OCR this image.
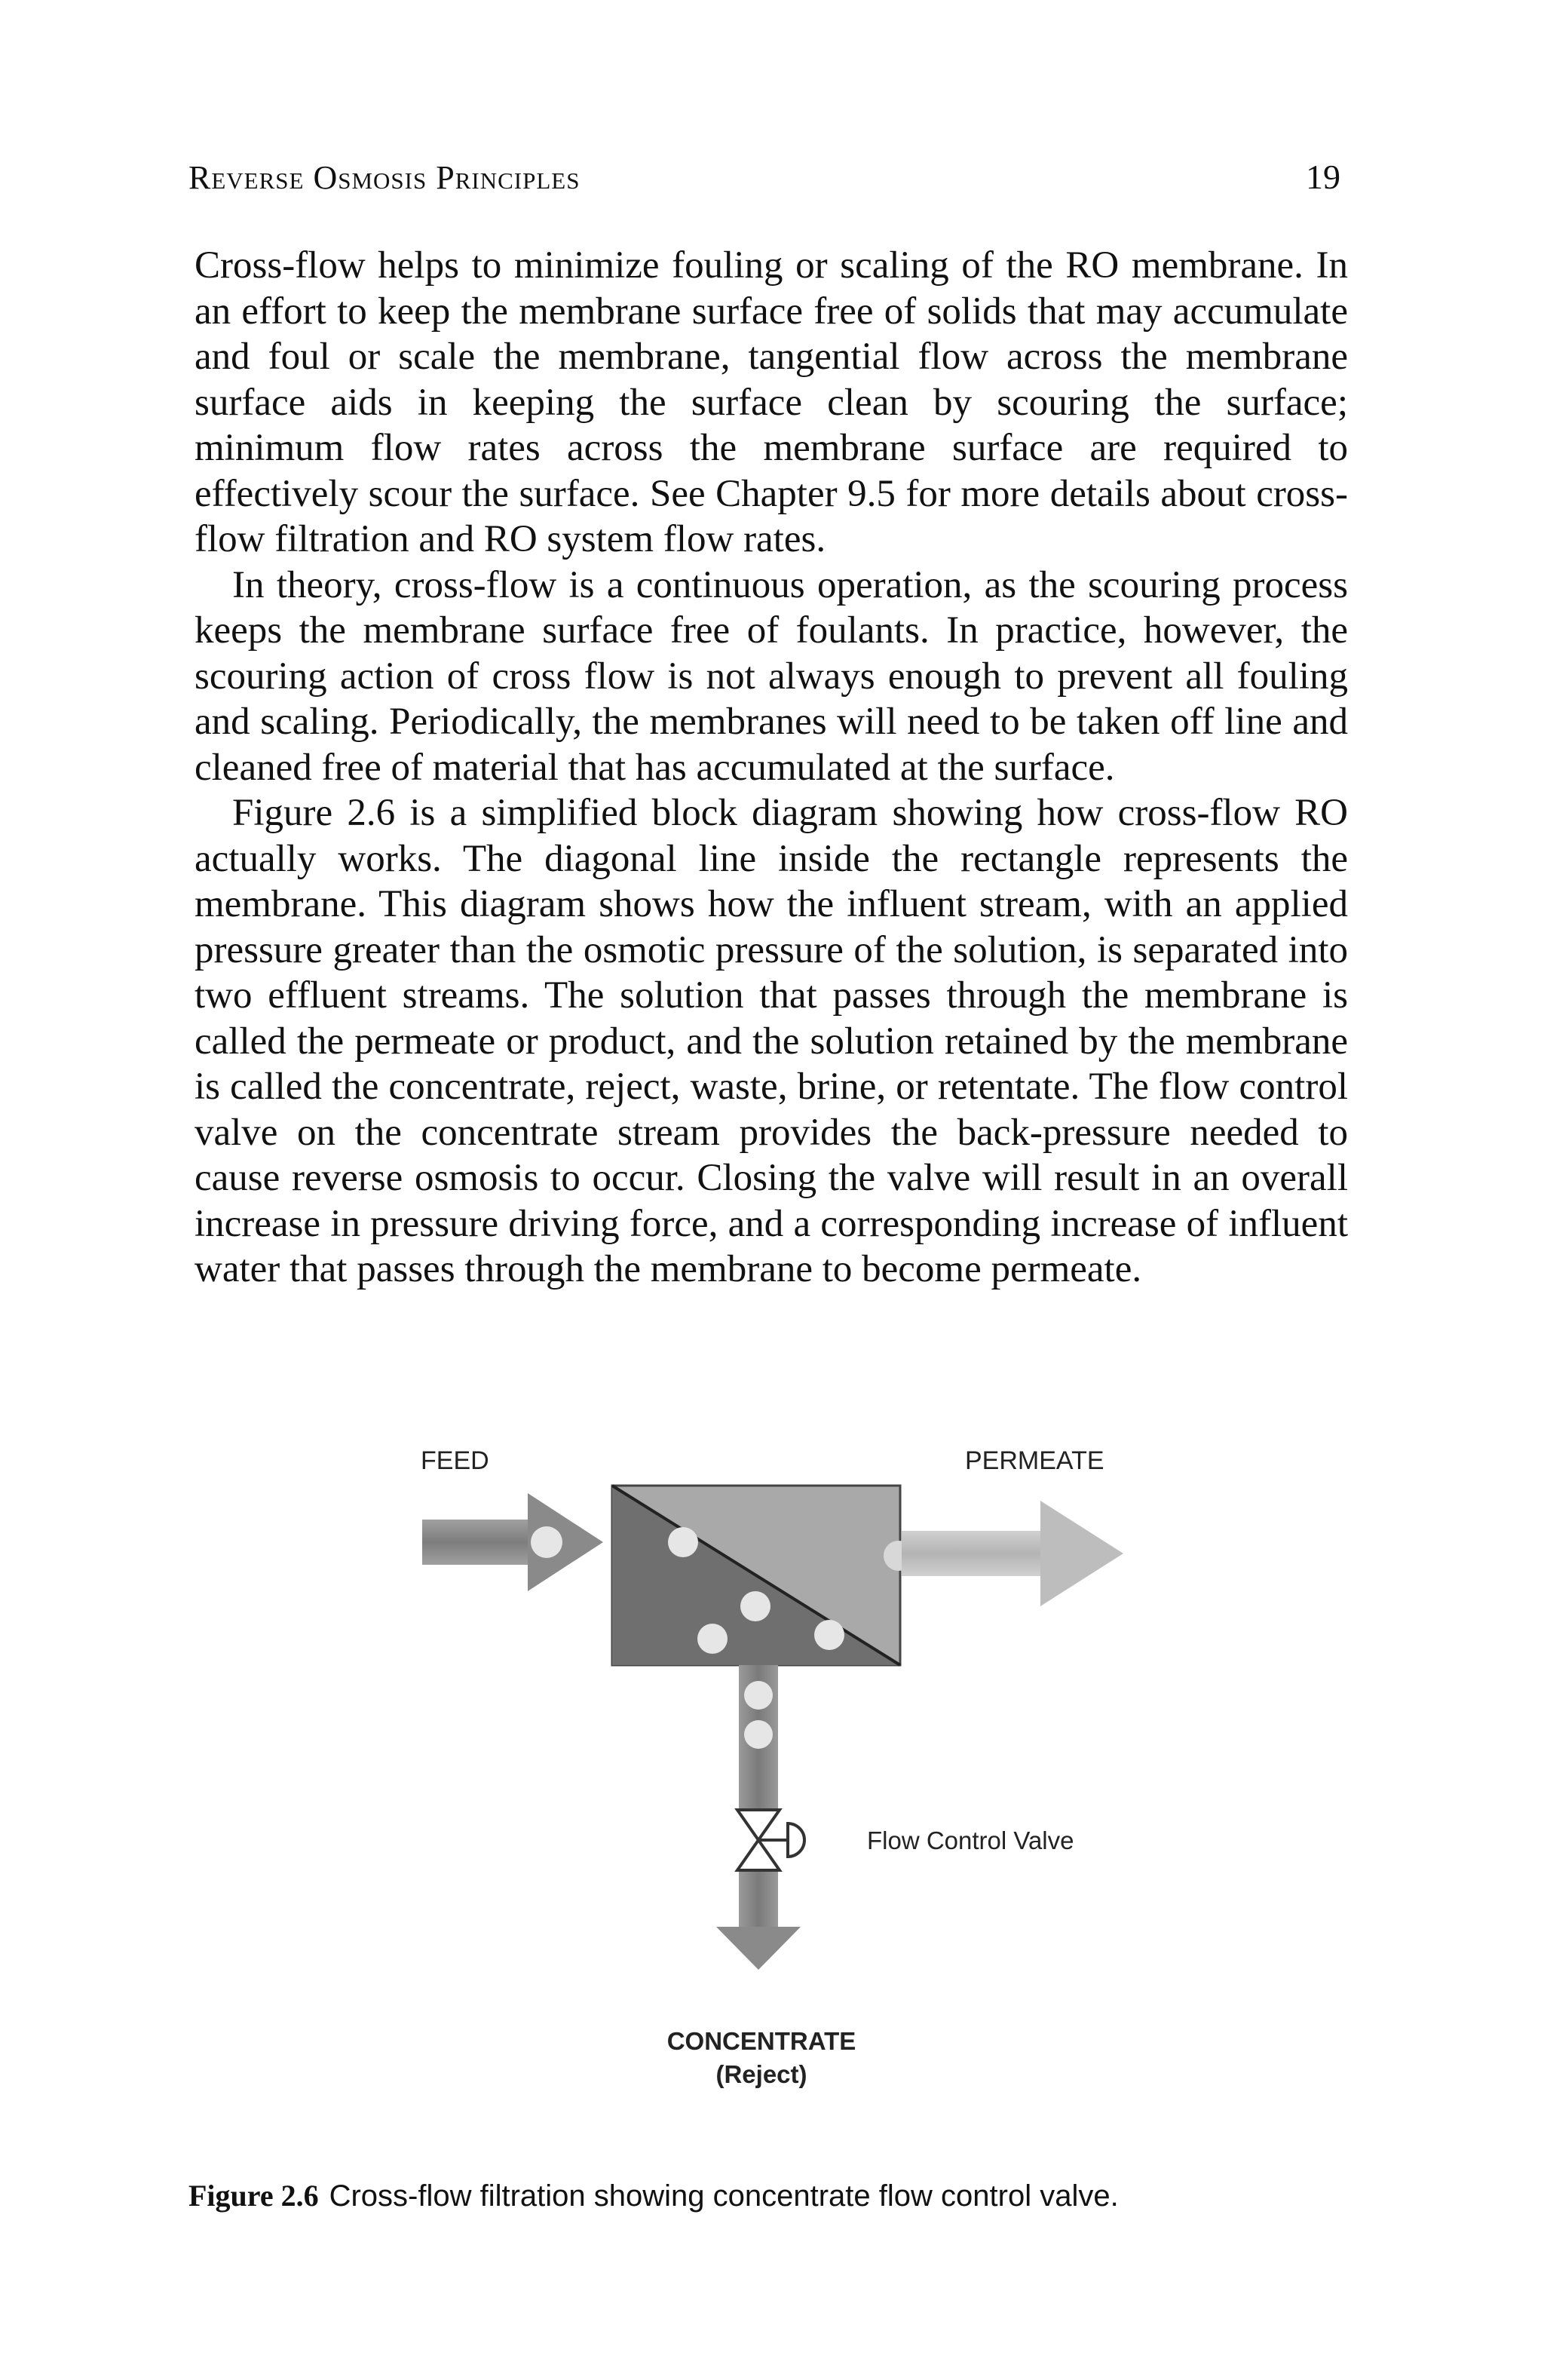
Reverse Osmosis Principles	19

Cross-flow helps to minimize fouling or scaling of the RO membrane. In an effort to keep the membrane surface free of solids that may accumulate and foul or scale the membrane, tangential flow across the membrane surface aids in keeping the surface clean by scouring the surface; minimum flow rates across the membrane surface are required to effectively scour the surface. See Chapter 9.5 for more details about cross-flow filtration and RO system flow rates.

In theory, cross-flow is a continuous operation, as the scouring process keeps the membrane surface free of foulants. In practice, however, the scouring action of cross flow is not always enough to prevent all fouling and scaling. Periodically, the membranes will need to be taken off line and cleaned free of material that has accumulated at the surface.

Figure 2.6 is a simplified block diagram showing how cross-flow RO actually works. The diagonal line inside the rectangle represents the membrane. This diagram shows how the influent stream, with an applied pressure greater than the osmotic pressure of the solution, is separated into two effluent streams. The solution that passes through the membrane is called the permeate or product, and the solution retained by the membrane is called the concentrate, reject, waste, brine, or retentate. The flow control valve on the concentrate stream provides the back-pressure needed to cause reverse osmosis to occur. Closing the valve will result in an overall increase in pressure driving force, and a corresponding increase of influent water that passes through the membrane to become permeate.

FEED	PERMEATE
Flow Control Valve
CONCENTRATE
(Reject)
Figure 2.6 Cross-flow filtration showing concentrate flow control valve.
